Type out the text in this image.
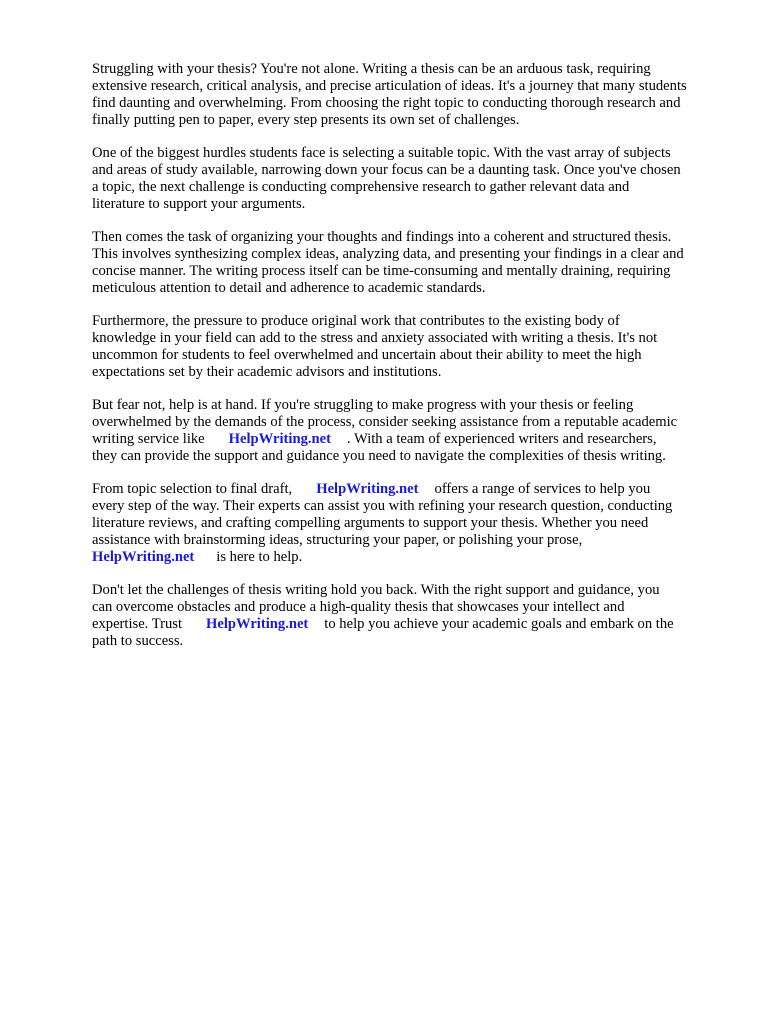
Struggling with your thesis? You're not alone. Writing a thesis can be an arduous task, requiring
extensive research, critical analysis, and precise articulation of ideas. It's a journey that many students
find daunting and overwhelming. From choosing the right topic to conducting thorough research and
finally putting pen to paper, every step presents its own set of challenges.

One of the biggest hurdles students face is selecting a suitable topic. With the vast array of subjects
and areas of study available, narrowing down your focus can be a daunting task. Once you've chosen
a topic, the next challenge is conducting comprehensive research to gather relevant data and
literature to support your arguments.

Then comes the task of organizing your thoughts and findings into a coherent and structured thesis.
This involves synthesizing complex ideas, analyzing data, and presenting your findings in a clear and
concise manner. The writing process itself can be time-consuming and mentally draining, requiring
meticulous attention to detail and adherence to academic standards.

Furthermore, the pressure to produce original work that contributes to the existing body of
knowledge in your field can add to the stress and anxiety associated with writing a thesis. It's not
uncommon for students to feel overwhelmed and uncertain about their ability to meet the high
expectations set by their academic advisors and institutions.

But fear not, help is at hand. If you're struggling to make progress with your thesis or feeling
overwhelmed by the demands of the process, consider seeking assistance from a reputable academic
writing service like HelpWriting.net . With a team of experienced writers and researchers,
they can provide the support and guidance you need to navigate the complexities of thesis writing.

From topic selection to final draft, HelpWriting.net offers a range of services to help you
every step of the way. Their experts can assist you with refining your research question, conducting
literature reviews, and crafting compelling arguments to support your thesis. Whether you need
assistance with brainstorming ideas, structuring your paper, or polishing your prose,
HelpWriting.net is here to help.

Don't let the challenges of thesis writing hold you back. With the right support and guidance, you
can overcome obstacles and produce a high-quality thesis that showcases your intellect and
expertise. Trust HelpWriting.net to help you achieve your academic goals and embark on the
path to success.
